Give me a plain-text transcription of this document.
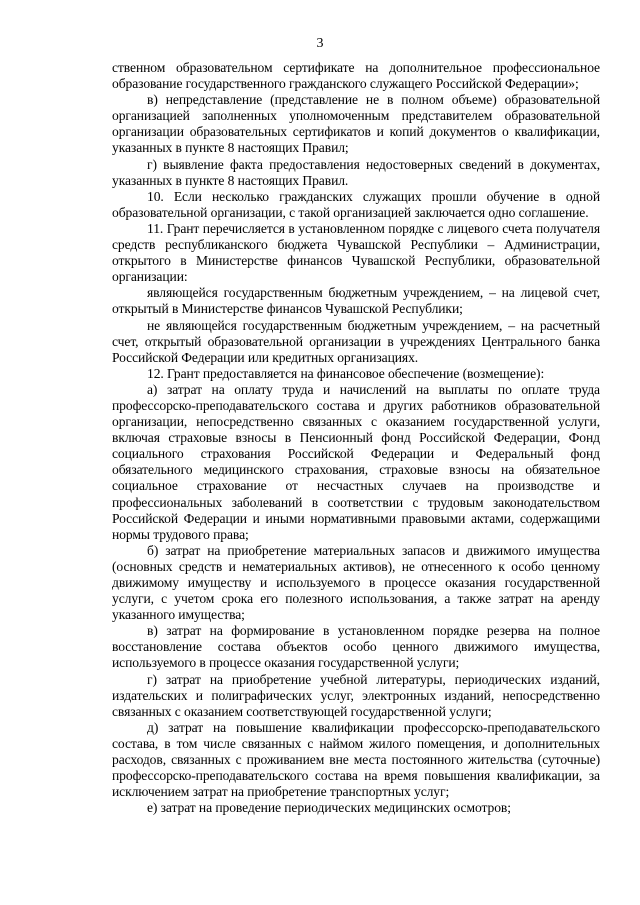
3

ственном образовательном сертификате на дополнительное профессиональное образование государственного гражданского служащего Российской Федерации»;

в) непредставление (представление не в полном объеме) образовательной организацией заполненных уполномоченным представителем образовательной организации образовательных сертификатов и копий документов о квалификации, указанных в пункте 8 настоящих Правил;

г) выявление факта предоставления недостоверных сведений в документах, указанных в пункте 8 настоящих Правил.

10. Если несколько гражданских служащих прошли обучение в одной образовательной организации, с такой организацией заключается одно соглашение.

11. Грант перечисляется в установленном порядке с лицевого счета получателя средств республиканского бюджета Чувашской Республики – Администрации, открытого в Министерстве финансов Чувашской Республики, образовательной организации:

являющейся государственным бюджетным учреждением, – на лицевой счет, открытый в Министерстве финансов Чувашской Республики;

не являющейся государственным бюджетным учреждением, – на расчетный счет, открытый образовательной организации в учреждениях Центрального банка Российской Федерации или кредитных организациях.

12. Грант предоставляется на финансовое обеспечение (возмещение):

а) затрат на оплату труда и начислений на выплаты по оплате труда профессорско-преподавательского состава и других работников образовательной организации, непосредственно связанных с оказанием государственной услуги, включая страховые взносы в Пенсионный фонд Российской Федерации, Фонд социального страхования Российской Федерации и Федеральный фонд обязательного медицинского страхования, страховые взносы на обязательное социальное страхование от несчастных случаев на производстве и профессиональных заболеваний в соответствии с трудовым законодательством Российской Федерации и иными нормативными правовыми актами, содержащими нормы трудового права;

б) затрат на приобретение материальных запасов и движимого имущества (основных средств и нематериальных активов), не отнесенного к особо ценному движимому имуществу и используемого в процессе оказания государственной услуги, с учетом срока его полезного использования, а также затрат на аренду указанного имущества;

в) затрат на формирование в установленном порядке резерва на полное восстановление состава объектов особо ценного движимого имущества, используемого в процессе оказания государственной услуги;

г) затрат на приобретение учебной литературы, периодических изданий, издательских и полиграфических услуг, электронных изданий, непосредственно связанных с оказанием соответствующей государственной услуги;

д) затрат на повышение квалификации профессорско-преподавательского состава, в том числе связанных с наймом жилого помещения, и дополнительных расходов, связанных с проживанием вне места постоянного жительства (суточные) профессорско-преподавательского состава на время повышения квалификации, за исключением затрат на приобретение транспортных услуг;

е) затрат на проведение периодических медицинских осмотров;
